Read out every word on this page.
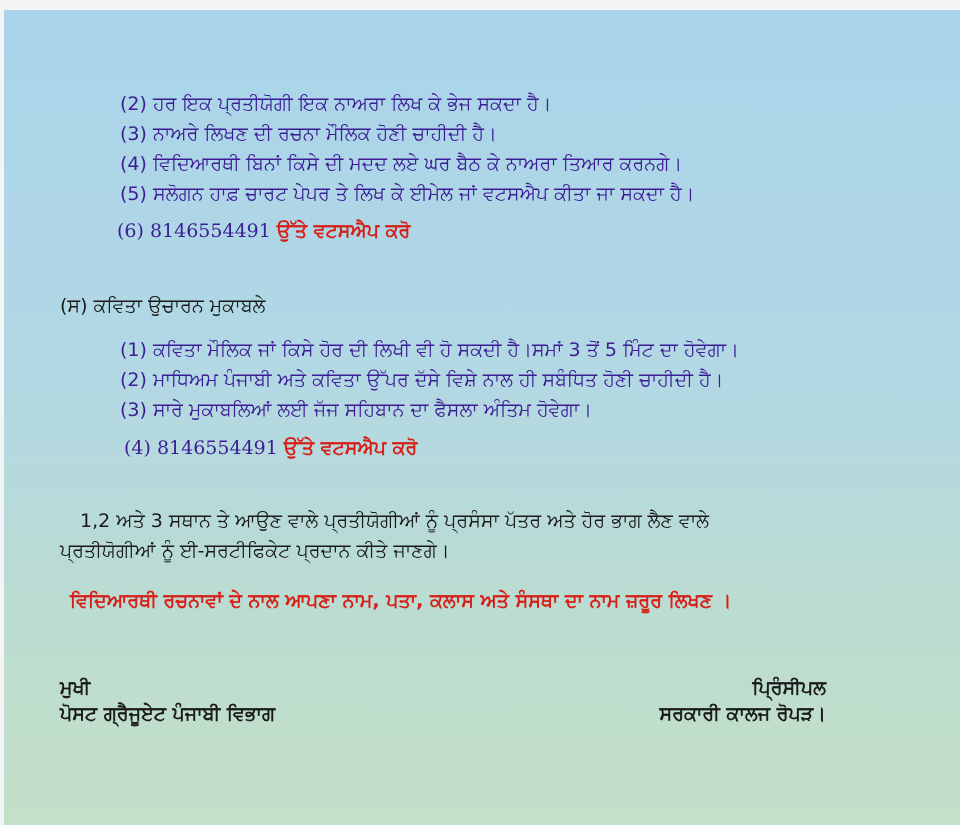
(2) ਹਰ ਇਕ ਪ੍ਰਤੀਯੋਗੀ ਇਕ ਨਾਅਰਾ ਲਿਖ ਕੇ ਭੇਜ ਸਕਦਾ ਹੈ।
(3) ਨਾਅਰੇ ਲਿਖਣ ਦੀ ਰਚਨਾ ਮੌਲਿਕ ਹੋਣੀ ਚਾਹੀਦੀ ਹੈ।
(4) ਵਿਦਿਆਰਥੀ ਬਿਨਾਂ ਕਿਸੇ ਦੀ ਮਦਦ ਲਏ ਘਰ ਬੈਠ ਕੇ ਨਾਅਰਾ ਤਿਆਰ ਕਰਨਗੇ।
(5) ਸਲੋਗਨ ਹਾਫ਼ ਚਾਰਟ ਪੇਪਰ ਤੇ ਲਿਖ ਕੇ ਈਮੇਲ ਜਾਂ ਵਟਸਐਪ ਕੀਤਾ ਜਾ ਸਕਦਾ ਹੈ।
(6) 8146554491 ਉੱਤੇ ਵਟਸਐਪ ਕਰੋ
(ਸ) ਕਵਿਤਾ ਉਚਾਰਨ ਮੁਕਾਬਲੇ
(1) ਕਵਿਤਾ ਮੌਲਿਕ ਜਾਂ ਕਿਸੇ ਹੋਰ ਦੀ ਲਿਖੀ ਵੀ ਹੋ ਸਕਦੀ ਹੈ।ਸਮਾਂ 3 ਤੋਂ 5 ਮਿੰਟ ਦਾ ਹੋਵੇਗਾ।
(2) ਮਾਧਿਅਮ ਪੰਜਾਬੀ ਅਤੇ ਕਵਿਤਾ ਉੱਪਰ ਦੱਸੇ ਵਿਸ਼ੇ ਨਾਲ ਹੀ ਸਬੰਧਿਤ ਹੋਣੀ ਚਾਹੀਦੀ ਹੈ।
(3) ਸਾਰੇ ਮੁਕਾਬਲਿਆਂ ਲਈ ਜੱਜ ਸਹਿਬਾਨ ਦਾ ਫੈਸਲਾ ਅੰਤਿਮ ਹੋਵੇਗਾ।
(4) 8146554491 ਉੱਤੇ ਵਟਸਐਪ ਕਰੋ
1,2 ਅਤੇ 3 ਸਥਾਨ ਤੇ ਆਉਣ ਵਾਲੇ ਪ੍ਰਤੀਯੋਗੀਆਂ ਨੂੰ ਪ੍ਰਸੰਸਾ ਪੱਤਰ ਅਤੇ ਹੋਰ ਭਾਗ ਲੈਣ ਵਾਲੇ
ਪ੍ਰਤੀਯੋਗੀਆਂ ਨੂੰ ਈ-ਸਰਟੀਫਿਕੇਟ ਪ੍ਰਦਾਨ ਕੀਤੇ ਜਾਣਗੇ।
ਵਿਦਿਆਰਥੀ ਰਚਨਾਵਾਂ ਦੇ ਨਾਲ ਆਪਣਾ ਨਾਮ, ਪਤਾ, ਕਲਾਸ ਅਤੇ ਸੰਸਥਾ ਦਾ ਨਾਮ ਜ਼ਰੂਰ ਲਿਖਣ ।
ਮੁਖੀ
ਪੋਸਟ ਗ੍ਰੈਜੂਏਟ ਪੰਜਾਬੀ ਵਿਭਾਗ
ਪ੍ਰਿੰਸੀਪਲ
ਸਰਕਾਰੀ ਕਾਲਜ ਰੋਪੜ।
